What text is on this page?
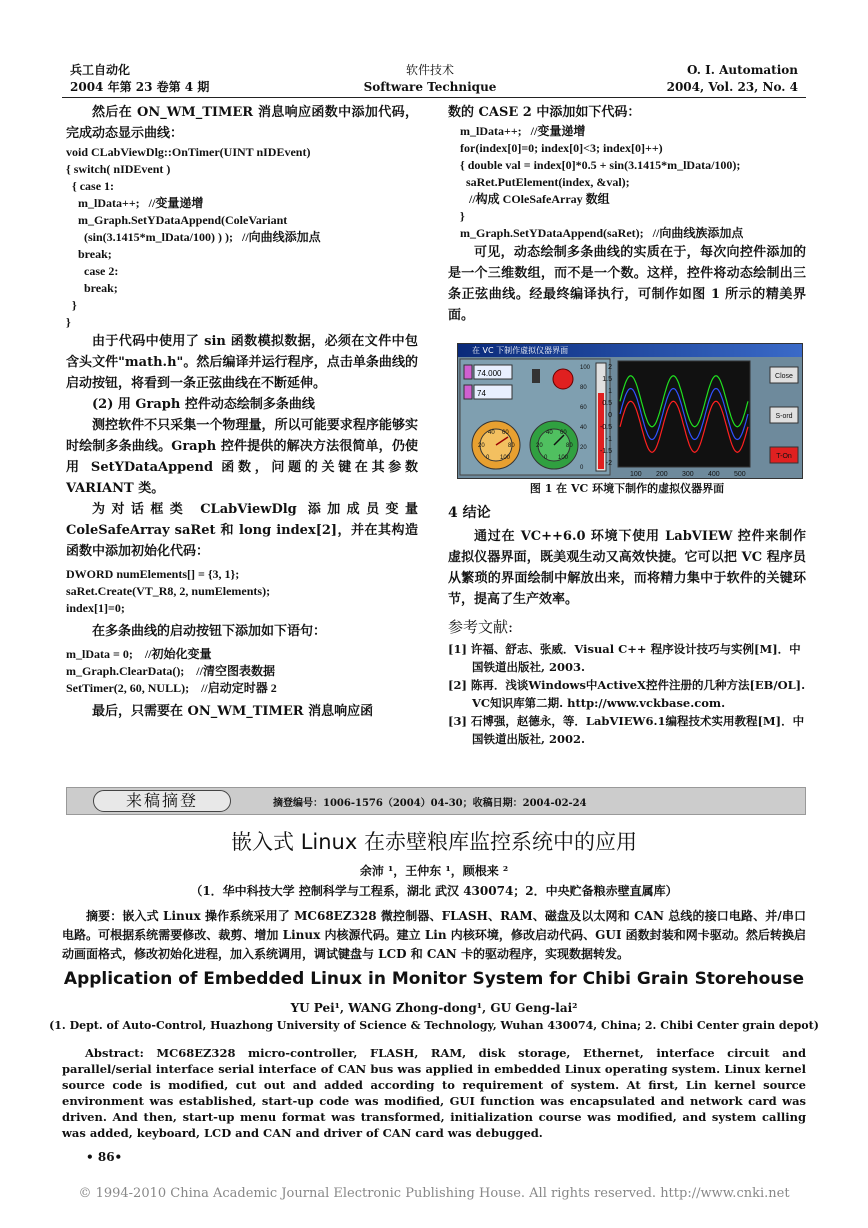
兵工自动化
2004 年第 23 卷第 4 期
软件技术
Software Technique
O. I. Automation
2004, Vol. 23, No. 4

然后在 ON_WM_TIMER 消息响应函数中添加代码，完成动态显示曲线：

void CLabViewDlg::OnTimer(UINT nIDEvent)
{ switch( nIDEvent )
{ case 1:
m_lData++;   //变量递增
m_Graph.SetYDataAppend(ColeVariant
(sin(3.1415*m_lData/100) ) );   //向曲线添加点
break;
case 2:
break;
}
}

由于代码中使用了 sin 函数模拟数据，必须在文件中包含头文件"math.h"。然后编译并运行程序，点击单条曲线的启动按钮，将看到一条正弦曲线在不断延伸。

(2) 用 Graph 控件动态绘制多条曲线

测控软件不只采集一个物理量，所以可能要求程序能够实时绘制多条曲线。Graph 控件提供的解决方法很简单，仍使用 SetYDataAppend 函数，问题的关键在其参数 VARIANT 类。

为对话框类 CLabViewDlg 添加成员变量 ColeSafeArray saRet 和 long index[2]，并在其构造函数中添加初始化代码：

DWORD numElements[] = {3, 1};
saRet.Create(VT_R8, 2, numElements);
index[1]=0;

在多条曲线的启动按钮下添加如下语句：

m_lData = 0;    //初始化变量
m_Graph.ClearData();    //清空图表数据
SetTimer(2, 60, NULL);    //启动定时器 2

最后，只需要在 ON_WM_TIMER 消息响应函

数的 CASE 2 中添加如下代码：

m_lData++;   //变量递增
for(index[0]=0; index[0]<3; index[0]++)
{ double val = index[0]*0.5 + sin(3.1415*m_lData/100);
saRet.PutElement(index, &val);
//构成 COleSafeArray 数组
}
m_Graph.SetYDataAppend(saRet);   //向曲线族添加点

可见，动态绘制多条曲线的实质在于，每次向控件添加的是一个三维数组，而不是一个数。这样，控件将动态绘制出三条正弦曲线。经最终编译执行，可制作如图 1 所示的精美界面。

在 VC 下制作虚拟仪器界面
74.000
74
40	40
60	60
20	20
80	80
0	0
100	100
100
80
60
40
20
0
2
1.5
1
0.5
0
-0.5
-1
-1.5
-2
100 200 300 400 500
Close
S-ord
T-On
图 1 在 VC 环境下制作的虚拟仪器界面
4 结论

通过在 VC++6.0 环境下使用 LabVIEW 控件来制作虚拟仪器界面，既美观生动又高效快捷。它可以把 VC 程序员从繁琐的界面绘制中解放出来，而将精力集中于软件的关键环节，提高了生产效率。

参考文献:

[1] 许福、舒志、张威．Visual C++ 程序设计技巧与实例[M]．中国铁道出版社, 2003.

[2] 陈再．浅谈Windows中ActiveX控件注册的几种方法[EB/OL]. VC知识库第二期. http://www.vckbase.com.

[3] 石博强，赵德永，等．LabVIEW6.1编程技术实用教程[M]．中国铁道出版社, 2002.

来稿摘登	摘登编号：1006-1576（2004）04-30；收稿日期：2004-02-24
嵌入式 Linux 在赤壁粮库监控系统中的应用
余沛 ¹，王仲东 ¹，顾根来 ²
（1．华中科技大学 控制科学与工程系，湖北 武汉 430074；2．中央贮备粮赤壁直属库）

摘要：嵌入式 Linux 操作系统采用了 MC68EZ328 微控制器、FLASH、RAM、磁盘及以太网和 CAN 总线的接口电路、并/串口电路。可根据系统需要修改、裁剪、增加 Linux 内核源代码。建立 Lin 内核环境，修改启动代码、GUI 函数封装和网卡驱动。然后转换启动画面格式，修改初始化进程，加入系统调用，调试键盘与 LCD 和 CAN 卡的驱动程序，实现数据转发。

Application of Embedded Linux in Monitor System for Chibi Grain Storehouse
YU Pei¹, WANG Zhong-dong¹, GU Geng-lai²
(1. Dept. of Auto-Control, Huazhong University of Science & Technology, Wuhan 430074, China; 2. Chibi Center grain depot)

Abstract: MC68EZ328 micro-controller, FLASH, RAM, disk storage, Ethernet, interface circuit and parallel/serial interface serial interface of CAN bus was applied in embedded Linux operating system. Linux kernel source code is modified, cut out and added according to requirement of system. At first, Lin kernel source environment was established, start-up code was modified, GUI function was encapsulated and network card was driven. And then, start-up menu format was transformed, initialization course was modified, and system calling was added, keyboard, LCD and CAN and driver of CAN card was debugged.

• 86•
© 1994-2010 China Academic Journal Electronic Publishing House. All rights reserved. http://www.cnki.net
